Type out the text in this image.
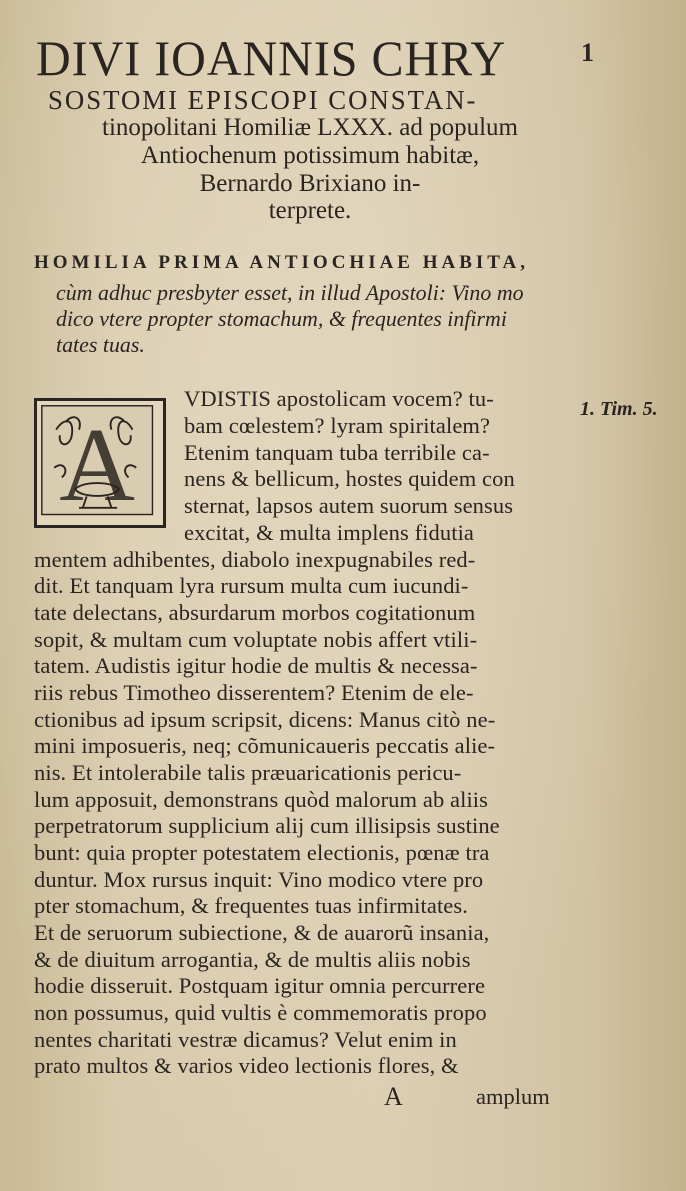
1
DIVI IOANNIS CHRY
SOSTOMI EPISCOPI CONSTAN-
tinopolitani Homiliæ LXXX. ad populum
Antiochenum potissimum habitæ,
Bernardo Brixiano in-
terprete.
HOMILIA PRIMA ANTIOCHIAE HABITA,
cùm adhuc presbyter esset, in illud Apostoli: Vino mo
dico vtere propter stomachum, & frequentes infirmi
tates tuas.
A	1. Tim. 5.
VDISTIS apostolicam vocem? tu-
bam cœlestem? lyram spiritalem?
Etenim tanquam tuba terribile ca-
nens & bellicum, hostes quidem con
sternat, lapsos autem suorum sensus
excitat, & multa implens fidutia
mentem adhibentes, diabolo inexpugnabiles red-
dit. Et tanquam lyra rursum multa cum iucundi-
tate delectans, absurdarum morbos cogitationum
sopit, & multam cum voluptate nobis affert vtili-
tatem. Audistis igitur hodie de multis & necessa-
riis rebus Timotheo disserentem? Etenim de ele-
ctionibus ad ipsum scripsit, dicens: Manus citò ne-
mini imposueris, neq; cõmunicaueris peccatis alie-
nis. Et intolerabile talis præuaricationis pericu-
lum apposuit, demonstrans quòd malorum ab aliis
perpetratorum supplicium alij cum illisipsis sustine
bunt: quia propter potestatem electionis, pœnæ tra
duntur. Mox rursus inquit: Vino modico vtere pro
pter stomachum, & frequentes tuas infirmitates.
Et de seruorum subiectione, & de auarorũ insania,
& de diuitum arrogantia, & de multis aliis nobis
hodie disseruit. Postquam igitur omnia percurrere
non possumus, quid vultis è commemoratis propo
nentes charitati vestræ dicamus? Velut enim in
prato multos & varios video lectionis flores, &
A	amplum
